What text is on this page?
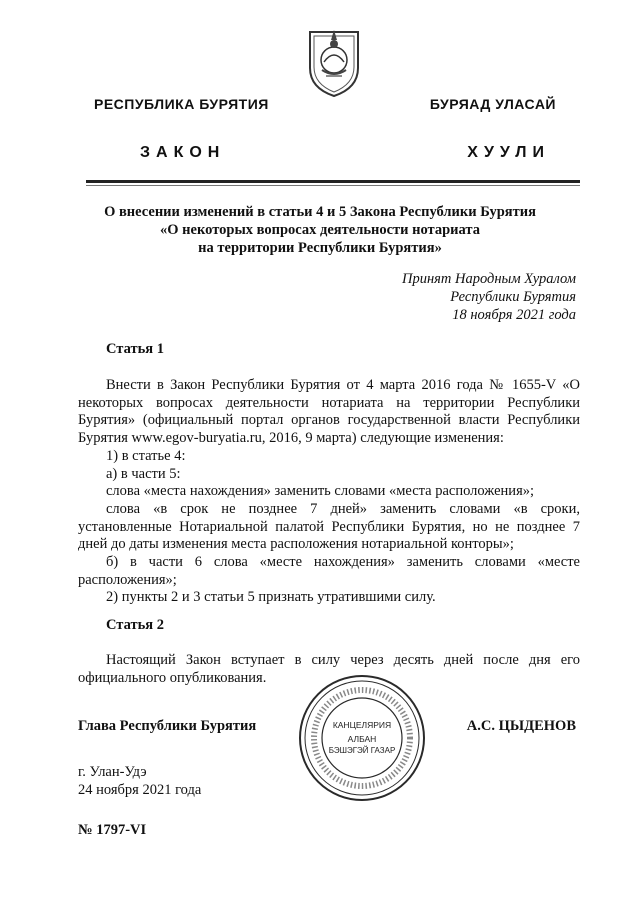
РЕСПУБЛИКА БУРЯТИЯ	БУРЯАД УЛАСАЙ
ЗАКОН	ХУУЛИ
О внесении изменений в статьи 4 и 5 Закона Республики Бурятия
«О некоторых вопросах деятельности нотариата
на территории Республики Бурятия»
Принят Народным Хуралом
Республики Бурятия
18 ноября 2021 года
Статья 1

Внести в Закон Республики Бурятия от 4 марта 2016 года № 1655-V «О некоторых вопросах деятельности нотариата на территории Республики Бурятия» (официальный портал органов государственной власти Республики Бурятия www.egov-buryatia.ru, 2016, 9 марта) следующие изменения:

1) в статье 4:

а) в части 5:

слова «места нахождения» заменить словами «места расположения»;

слова «в срок не позднее 7 дней» заменить словами «в сроки, установленные Нотариальной палатой Республики Бурятия, но не позднее 7 дней до даты изменения места расположения нотариальной конторы»;

б) в части 6 слова «месте нахождения» заменить словами «месте расположения»;

2) пункты 2 и 3 статьи 5 признать утратившими силу.

Статья 2

Настоящий Закон вступает в силу через десять дней после дня его официального опубликования.

Глава Республики Бурятия	А.С. ЦЫДЕНОВ
КАНЦЕЛЯРИЯ
АЛБАН
БЭШЭГЭЙ ГАЗАР
г. Улан-Удэ
24 ноября 2021 года
№ 1797-VI
